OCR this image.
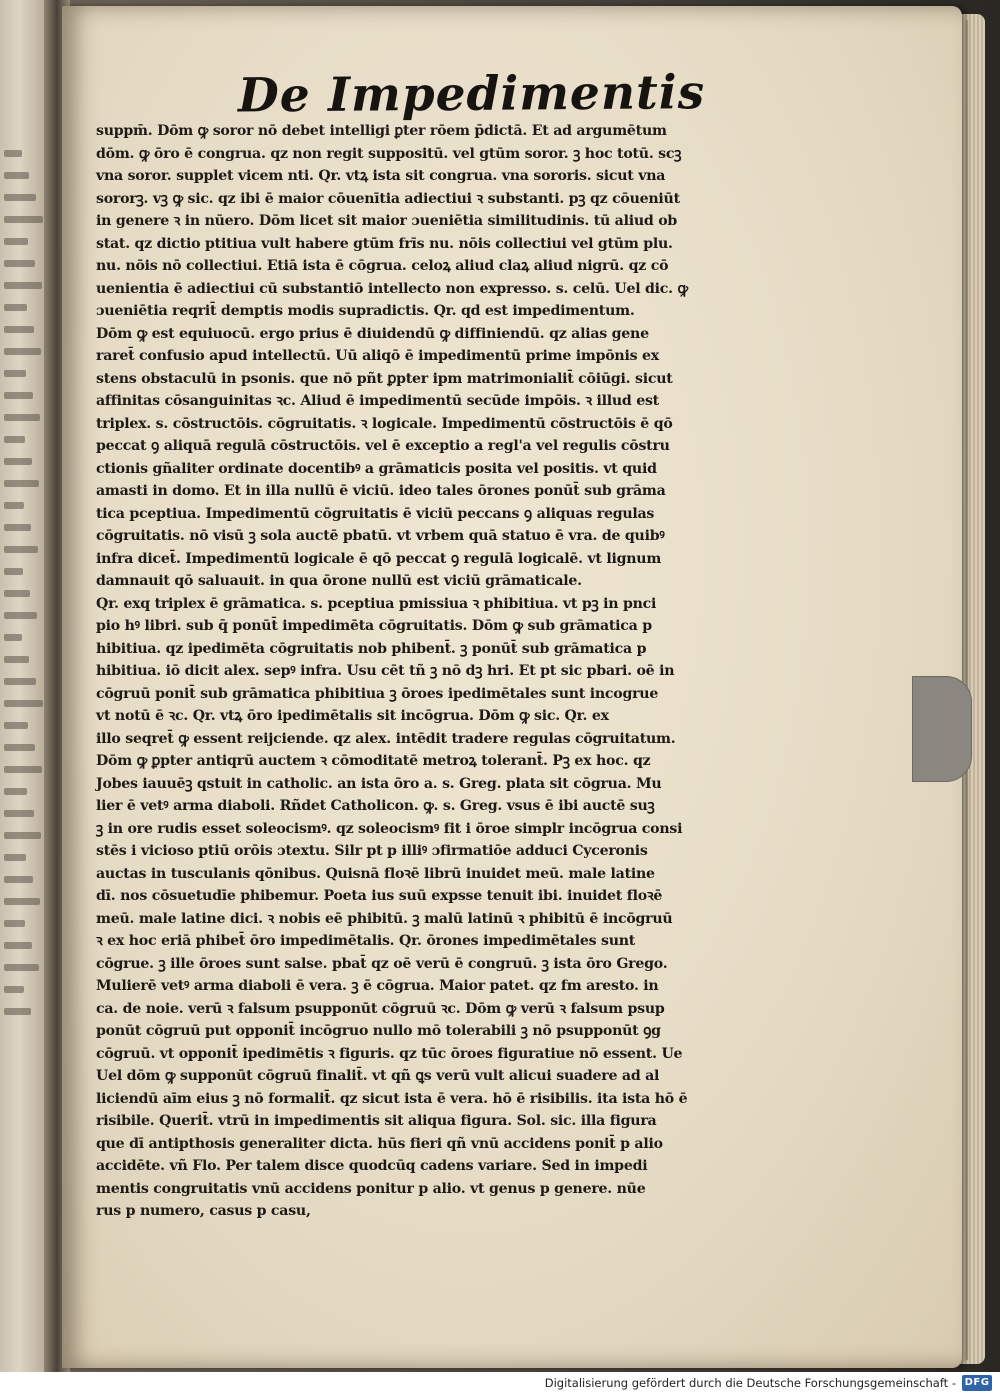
De Impedimentis
suppm̄. Dōm ꝙ soror nō debet intelligi ꝑter rōem p̄dictā. Et ad argumētum
dōm. ꝙ ōro ē congrua. qz non regit suppositū. vel gtūm soror. ꝫ hoc totū. scꝫ
vna soror. supplet vicem nti. Qr. vtꝝ ista sit congrua. vna sororis. sicut vna
sororꝫ. vꝫ ꝙ sic. qz ibi ē maior cōuenītia adiectiui ꝛ substanti. pꝫ qz cōueniūt
in genere ꝛ in nūero. Dōm licet sit maior ɔueniētia similitudinis. tū aliud ob
stat. qz dictio ptitiua vult habere gtūm frīs nu. nōis collectiui vel gtūm plu.
nu. nōis nō collectiui. Etiā ista ē cōgrua. celoꝝ aliud claꝝ aliud nigrū. qz cō
uenientia ē adiectiui cū substantiō intellecto non expresso. s. celū. Uel dic. ꝙ
ɔueniētia reqrit̄ demptis modis supradictis. Qr. qd est impedimentum.
Dōm ꝙ est equiuocū. ergo prius ē diuidendū ꝙ diffiniendū. qz alias gene
raret̄ confusio apud intellectū. Uū aliqō ē impedimentū prime impōnis ex
stens obstaculū in psonis. que nō pñt ꝑpter ipm matrimonialit̄ cōiūgi. sicut
affinitas cōsanguinitas ꝛc. Aliud ē impedimentū secūde impōis. ꝛ illud est
triplex. s. cōstructōis. cōgruitatis. ꝛ logicale. Impedimentū cōstructōis ē qō
peccat ꝯ aliquā regulā cōstructōis. vel ē exceptio a regl'a vel regulis cōstru
ctionis gñaliter ordinate docentibꝰ a grāmaticis posita vel positis. vt quid
amasti in domo. Et in illa nullū ē viciū. ideo tales ōrones ponūt̄ sub grāma
tica pceptiua. Impedimentū cōgruitatis ē viciū peccans ꝯ aliquas regulas
cōgruitatis. nō visū ꝫ sola auctē pbatū. vt vrbem quā statuo ē vra. de quibꝰ
infra dicet̄. Impedimentū logicale ē qō peccat ꝯ regulā logicalē. vt lignum
damnauit qō saluauit. in qua ōrone nullū est viciū grāmaticale.
Qr. exq triplex ē grāmatica. s. pceptiua pmissiua ꝛ phibitiua. vt pꝫ in pnci
pio hꝰ libri. sub q̄ ponūt̄ impedimēta cōgruitatis. Dōm ꝙ sub grāmatica p
hibitiua. qz ipedimēta cōgruitatis nob phibent̄. ꝫ ponūt̄ sub grāmatica p
hibitiua. iō dicit alex. sepꝰ infra. Usu cēt tñ ꝫ nō dꝫ hri. Et pt sic pbari. oē in
cōgruū ponit̄ sub grāmatica phibitiua ꝫ ōroes ipedimētales sunt incogrue
vt notū ē ꝛc. Qr. vtꝝ ōro ipedimētalis sit incōgrua. Dōm ꝙ sic. Qr. ex
illo seqret̄ ꝙ essent reijciende. qz alex. intēdit tradere regulas cōgruitatum.
Dōm ꝙ ꝑpter antiqrū auctem ꝛ cōmoditatē metroꝝ tolerant̄. Pꝫ ex hoc. qz
Jobes iauuēꝫ qstuit in catholic. an ista ōro a. s. Greg. plata sit cōgrua. Mu
lier ē vetꝰ arma diaboli. Rñdet Catholicon. ꝙ. s. Greg. vsus ē ibi auctē suꝫ
ꝫ in ore rudis esset soleocismꝰ. qz soleocismꝰ fit i ōroe simplr incōgrua consi
stēs i vicioso ptiū orōis ɔtextu. Silr pt p illiꝰ ɔfirmatiōe adduci Cyceronis
auctas in tusculanis qōnibus. Quisnā floꝛē librū inuidet meū. male latine
dī. nos cōsuetudīe phibemur. Poeta ius suū expsse tenuit ibi. inuidet floꝛē
meū. male latine dici. ꝛ nobis eē phibitū. ꝫ malū latinū ꝛ phibitū ē incōgruū
ꝛ ex hoc eriā phibet̄ ōro impedimētalis. Qr. ōrones impedimētales sunt
cōgrue. ꝫ ille ōroes sunt salse. pbat̄ qz oē verū ē congruū. ꝫ ista ōro Grego.
Mulierē vetꝰ arma diaboli ē vera. ꝫ ē cōgrua. Maior patet. qz fm aresto. in
ca. de noie. verū ꝛ falsum psupponūt cōgruū ꝛc. Dōm ꝙ verū ꝛ falsum psup
ponūt cōgruū put opponit̄ incōgruo nullo mō tolerabili ꝫ nō psupponūt ꝯg
cōgruū. vt opponit̄ ipedimētis ꝛ figuris. qz tūc ōroes figuratiue nō essent. Ue
Uel dōm ꝙ supponūt cōgruū finalit̄. vt qñ ꝗs verū vult alicui suadere ad al
liciendū aīm eius ꝫ nō formalit̄. qz sicut ista ē vera. hō ē risibilis. ita ista hō ē
risibile. Querit̄. vtrū in impedimentis sit aliqua figura. Sol. sic. illa figura
que dī antipthosis generaliter dicta. hūs fieri qñ vnū accidens ponit̄ p alio
accidēte. vñ Flo. Per talem disce quodcūq cadens variare. Sed in impedi
mentis congruitatis vnū accidens ponitur p alio. vt genus p genere. nūe
rus p numero, casus p casu,
Digitalisierung gefördert durch die Deutsche Forschungsgemeinschaft - DFG
